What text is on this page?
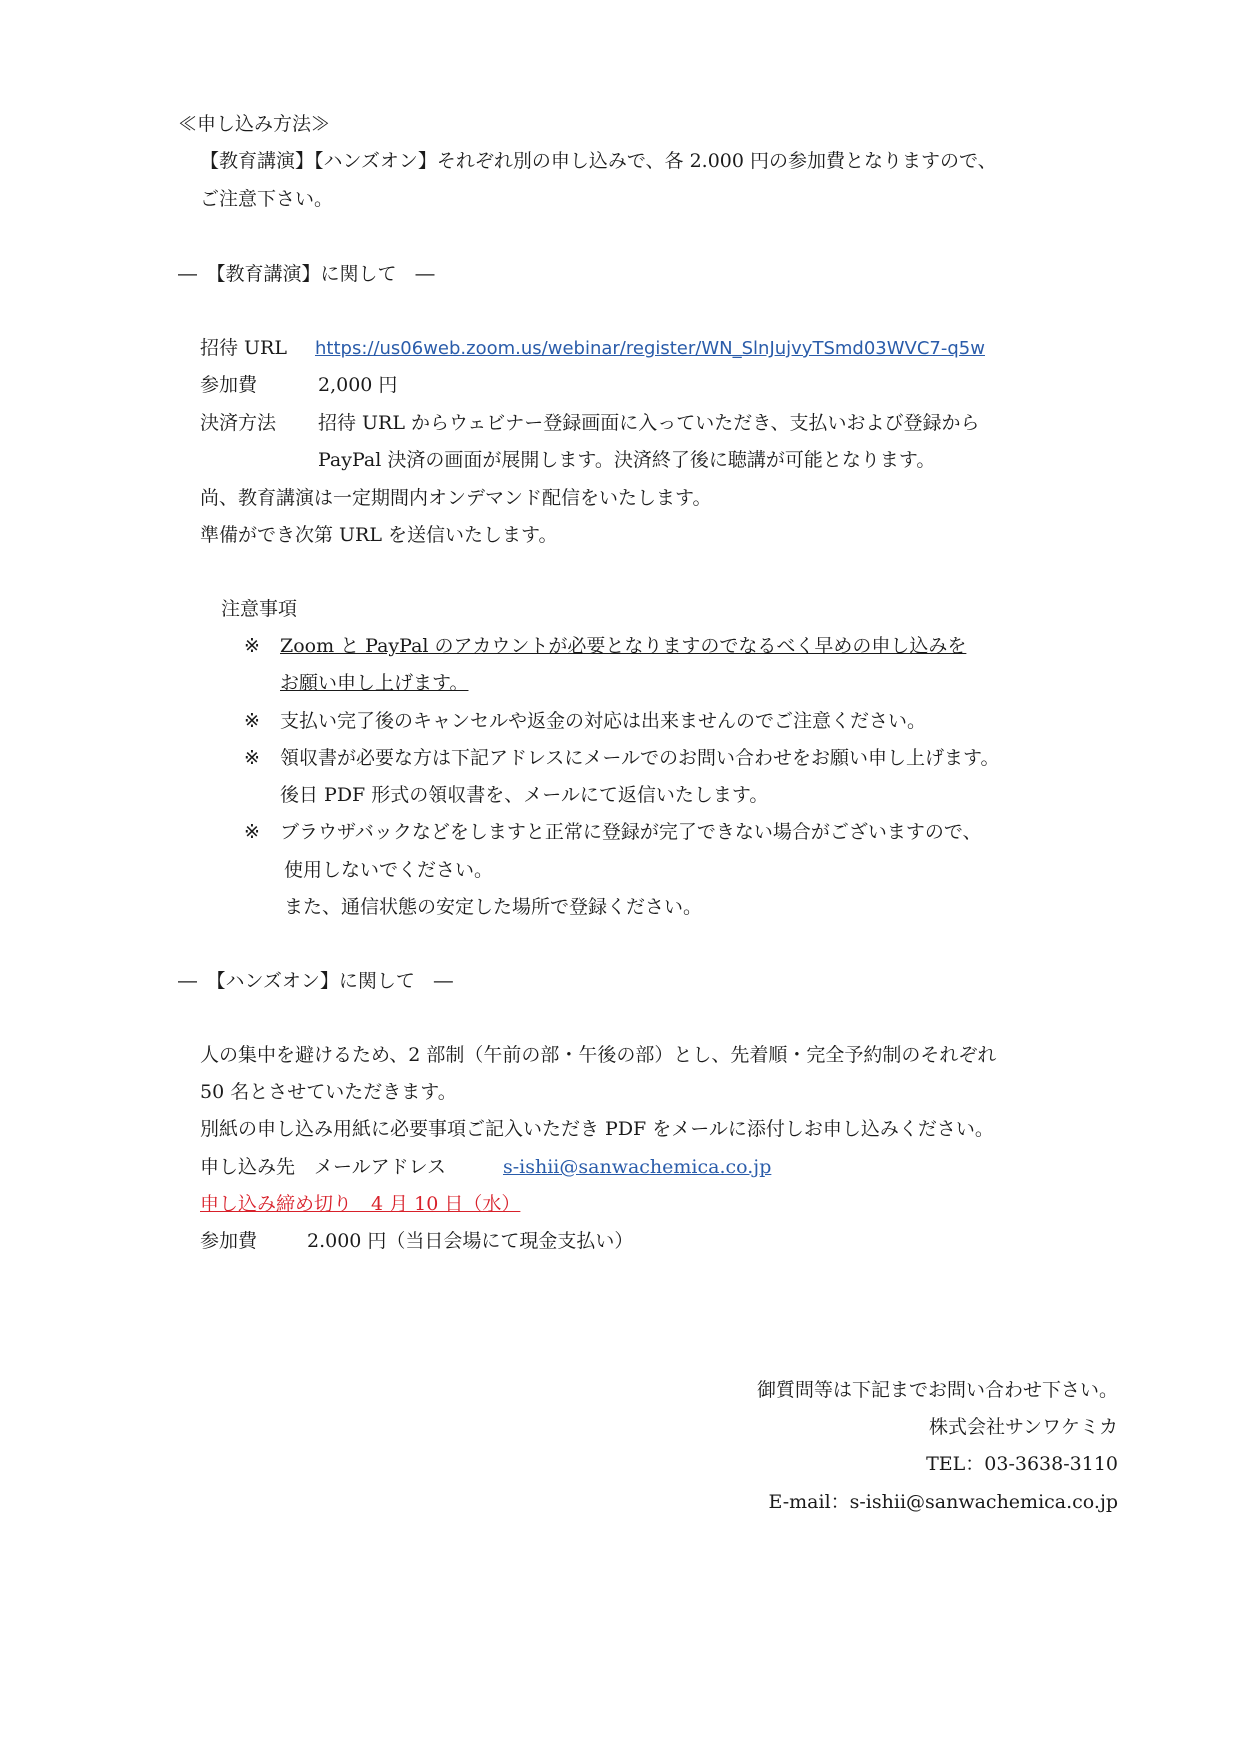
≪申し込み方法≫
【教育講演】【ハンズオン】それぞれ別の申し込みで、各 2.000 円の参加費となりますので、
ご注意下さい。
―　【教育講演】に関して　―
招待 URL https://us06web.zoom.us/webinar/register/WN_SlnJujvyTSmd03WVC7-q5w
参加費	2,000 円
決済方法 招待 URL からウェビナー登録画面に入っていただき、支払いおよび登録から
PayPal 決済の画面が展開します。決済終了後に聴講が可能となります。
尚、教育講演は一定期間内オンデマンド配信をいたします。
準備ができ次第 URL を送信いたします。
注意事項
※ Zoom と PayPal のアカウントが必要となりますのでなるべく早めの申し込みを
お願い申し上げます。
※ 支払い完了後のキャンセルや返金の対応は出来ませんのでご注意ください。
※ 領収書が必要な方は下記アドレスにメールでのお問い合わせをお願い申し上げます。
後日 PDF 形式の領収書を、メールにて返信いたします。
※ ブラウザバックなどをしますと正常に登録が完了できない場合がございますので、
使用しないでください。
また、通信状態の安定した場所で登録ください。
―　【ハンズオン】に関して　―
人の集中を避けるため、2 部制（午前の部・午後の部）とし、先着順・完全予約制のそれぞれ
50 名とさせていただきます。
別紙の申し込み用紙に必要事項ご記入いただき PDF をメールに添付しお申し込みください。
申し込み先　メールアドレス	s-ishii@sanwachemica.co.jp
申し込み締め切り　4 月 10 日（水）
参加費	2.000 円（当日会場にて現金支払い）
御質問等は下記までお問い合わせ下さい。
株式会社サンワケミカ
TEL：03-3638-3110
E-mail：s-ishii@sanwachemica.co.jp
